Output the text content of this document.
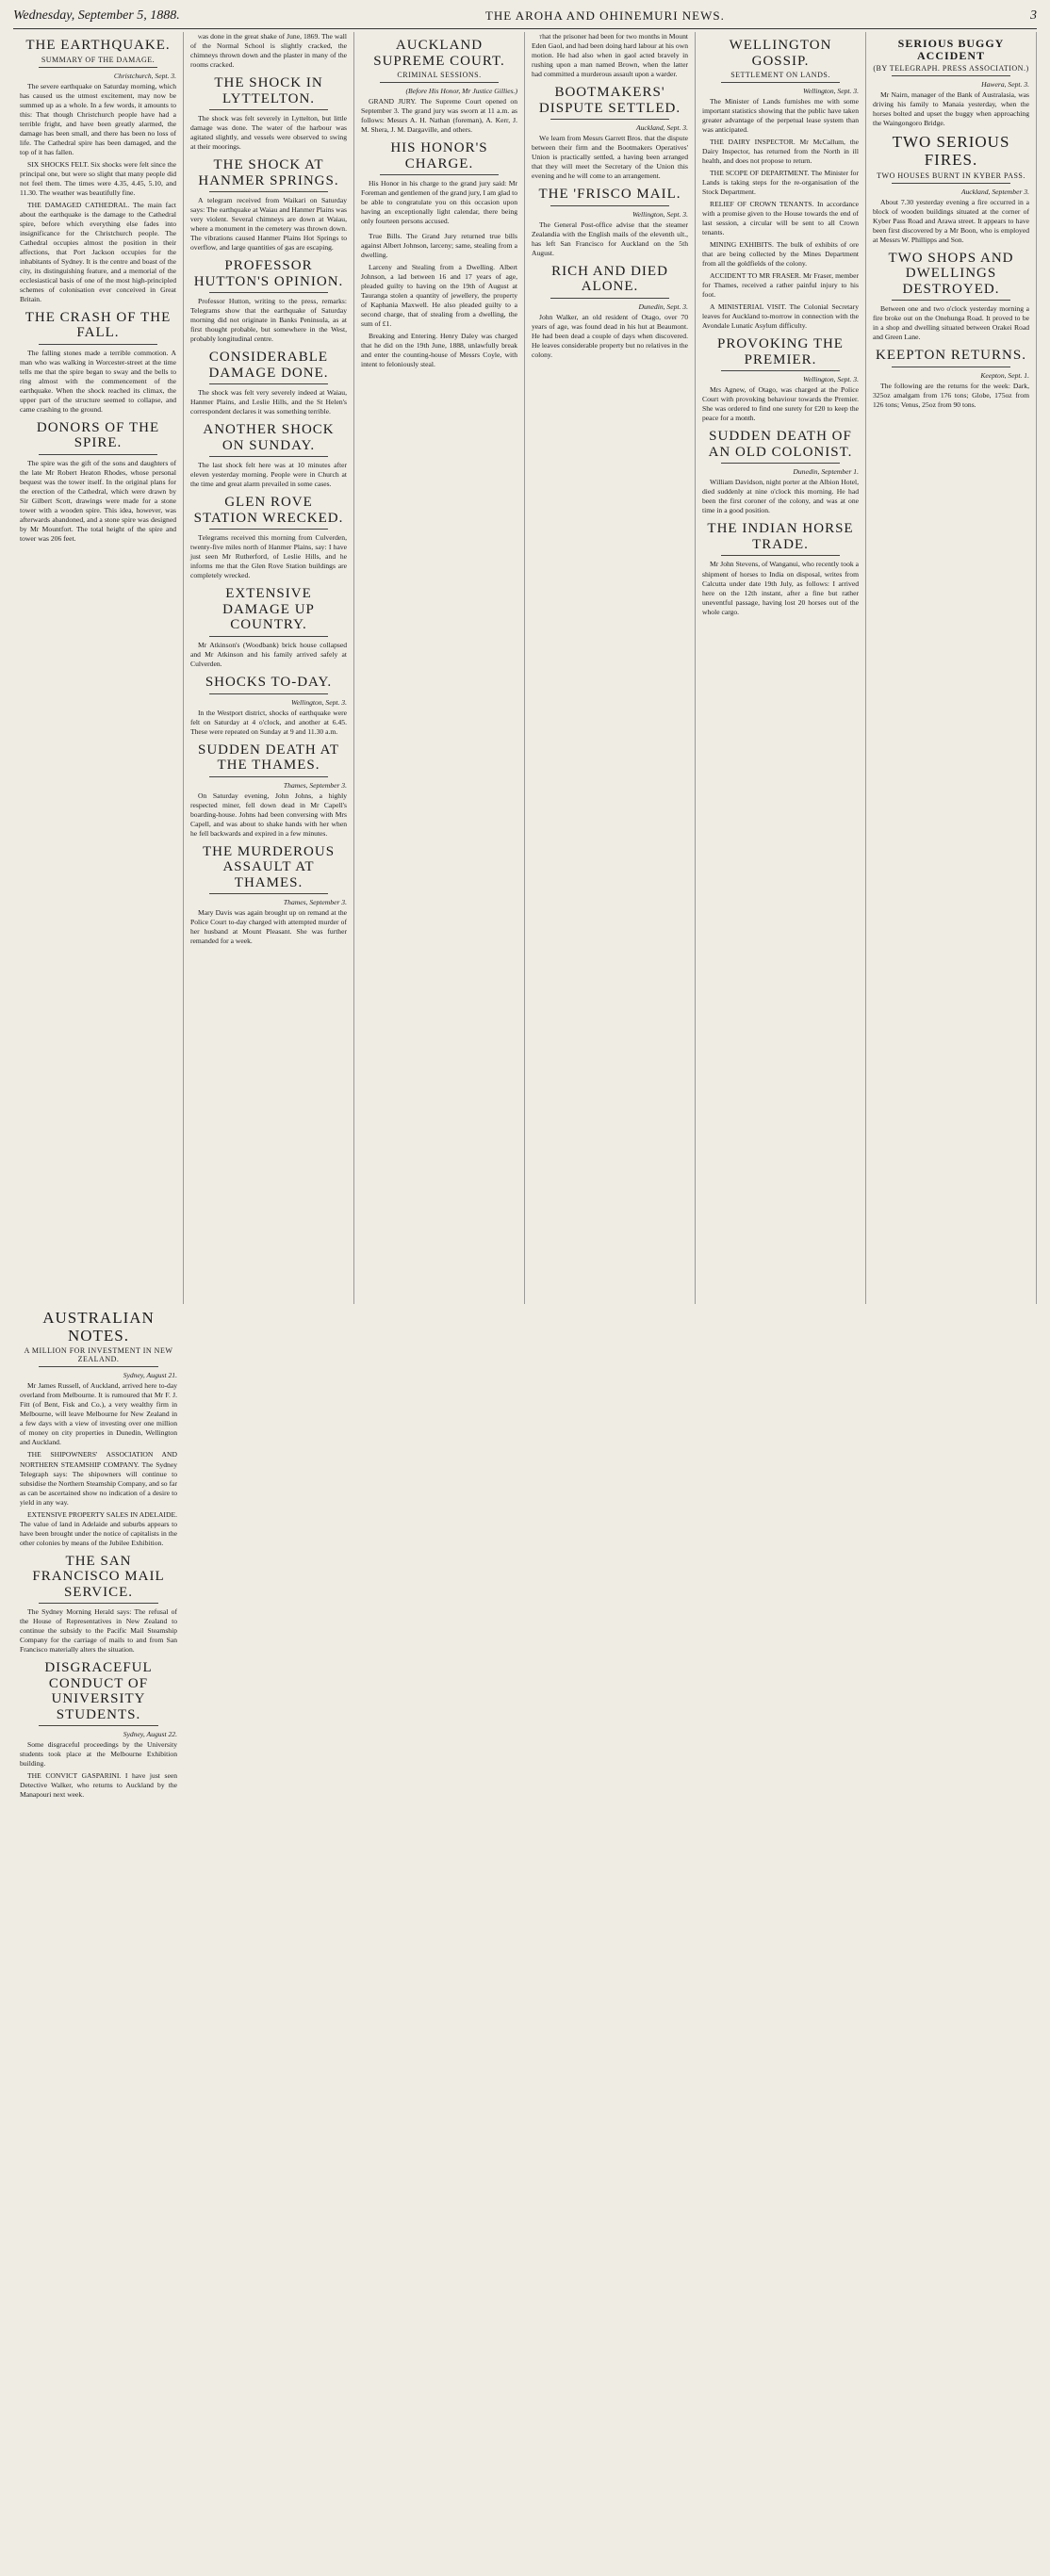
Wednesday, September 5, 1888.	THE AROHA AND OHINEMURI NEWS.	3
THE EARTHQUAKE.
SUMMARY OF THE DAMAGE.
Christchurch, Sept. 3.

The severe earthquake on Saturday morning, which has caused us the utmost excitement, may now be summed up as a whole. In a few words, it amounts to this: That though Christchurch people have had a terrible fright, and have been greatly alarmed, the damage has been small, and there has been no loss of life. The Cathedral spire has been damaged, and the top of it has fallen.

SIX SHOCKS FELT. Six shocks were felt since the principal one, but were so slight that many people did not feel them. The times were 4.35, 4.45, 5.10, and 11.30. The weather was beautifully fine.

THE DAMAGED CATHEDRAL. The main fact about the earthquake is the damage to the Cathedral spire, before which everything else fades into insignificance for the Christchurch people. The Cathedral occupies almost the position in their affections, that Port Jackson occupies for the inhabitants of Sydney. It is the centre and boast of the city, its distinguishing feature, and a memorial of the ecclesiastical basis of one of the most high-principled schemes of colonisation ever conceived in Great Britain.

THE CRASH OF THE FALL.

The falling stones made a terrible commotion. A man who was walking in Worcester-street at the time tells me that the spire began to sway and the bells to ring almost with the commencement of the earthquake. When the shock reached its climax, the upper part of the structure seemed to collapse, and came crashing to the ground.

DONORS OF THE SPIRE.

The spire was the gift of the sons and daughters of the late Mr Robert Heaton Rhodes, whose personal bequest was the tower itself. In the original plans for the erection of the Cathedral, which were drawn by Sir Gilbert Scott, drawings were made for a stone tower with a wooden spire. This idea, however, was afterwards abandoned, and a stone spire was designed by Mr Mountfort. The total height of the spire and tower was 206 feet.

was done in the great shake of June, 1869. The wall of the Normal School is slightly cracked, the chimneys thrown down and the plaster in many of the rooms cracked.

THE SHOCK IN LYTTELTON.

The shock was felt severely in Lyttelton, but little damage was done. The water of the harbour was agitated slightly, and vessels were observed to swing at their moorings.

THE SHOCK AT HANMER SPRINGS.

A telegram received from Waikari on Saturday says: The earthquake at Waiau and Hanmer Plains was very violent. Several chimneys are down at Waiau, where a monument in the cemetery was thrown down. The vibrations caused Hanmer Plains Hot Springs to overflow, and large quantities of gas are escaping.

PROFESSOR HUTTON'S OPINION.

Professor Hutton, writing to the press, remarks: Telegrams show that the earthquake of Saturday morning did not originate in Banks Peninsula, as at first thought probable, but somewhere in the West, probably longitudinal centre.

CONSIDERABLE DAMAGE DONE.

The shock was felt very severely indeed at Waiau, Hanmer Plains, and Leslie Hills, and the St Helen's correspondent declares it was something terrible.

ANOTHER SHOCK ON SUNDAY.

The last shock felt here was at 10 minutes after eleven yesterday morning. People were in Church at the time and great alarm prevailed in some cases.

GLEN ROVE STATION WRECKED.

Telegrams received this morning from Culverden, twenty-five miles north of Hanmer Plains, say: I have just seen Mr Rutherford, of Leslie Hills, and he informs me that the Glen Rove Station buildings are completely wrecked.

EXTENSIVE DAMAGE UP COUNTRY.

Mr Atkinson's (Woodbank) brick house collapsed and Mr Atkinson and his family arrived safely at Culverden.

SHOCKS TO-DAY.
Wellington, Sept. 3.

In the Westport district, shocks of earthquake were felt on Saturday at 4 o'clock, and another at 6.45. These were repeated on Sunday at 9 and 11.30 a.m.

SUDDEN DEATH AT THE THAMES.
Thames, September 3.

On Saturday evening, John Johns, a highly respected miner, fell down dead in Mr Capell's boarding-house. Johns had been conversing with Mrs Capell, and was about to shake hands with her when he fell backwards and expired in a few minutes.

THE MURDEROUS ASSAULT AT THAMES.
Thames, September 3.

Mary Davis was again brought up on remand at the Police Court to-day charged with attempted murder of her husband at Mount Pleasant. She was further remanded for a week.

AUCKLAND SUPREME COURT.
CRIMINAL SESSIONS.
(Before His Honor, Mr Justice Gillies.)

GRAND JURY. The Supreme Court opened on September 3. The grand jury was sworn at 11 a.m. as follows: Messrs A. H. Nathan (foreman), A. Kerr, J. M. Shera, J. M. Dargaville, and others.

HIS HONOR'S CHARGE.

His Honor in his charge to the grand jury said: Mr Foreman and gentlemen of the grand jury, I am glad to be able to congratulate you on this occasion upon having an exceptionally light calendar, there being only fourteen persons accused.

True Bills. The Grand Jury returned true bills against Albert Johnson, larceny; same, stealing from a dwelling.

Larceny and Stealing from a Dwelling. Albert Johnson, a lad between 16 and 17 years of age, pleaded guilty to having on the 19th of August at Tauranga stolen a quantity of jewellery, the property of Kaphania Maxwell. He also pleaded guilty to a second charge, that of stealing from a dwelling, the sum of £1.

Breaking and Entering. Henry Daley was charged that he did on the 19th June, 1888, unlawfully break and enter the counting-house of Messrs Coyle, with intent to feloniously steal.

that the prisoner had been for two months in Mount Eden Gaol, and had been doing hard labour at his own motion. He had also when in gaol acted bravely in rushing upon a man named Brown, when the latter had committed a murderous assault upon a warder.

BOOTMAKERS' DISPUTE SETTLED.
Auckland, Sept. 3.

We learn from Messrs Garrett Bros. that the dispute between their firm and the Bootmakers Operatives' Union is practically settled, a having been arranged that they will meet the Secretary of the Union this evening and he will come to an arrangement.

THE 'FRISCO MAIL.
Wellington, Sept. 3.

The General Post-office advise that the steamer Zealandia with the English mails of the eleventh ult., has left San Francisco for Auckland on the 5th August.

RICH AND DIED ALONE.
Dunedin, Sept. 3.

John Walker, an old resident of Otago, over 70 years of age, was found dead in his hut at Beaumont. He had been dead a couple of days when discovered. He leaves considerable property but no relatives in the colony.

WELLINGTON GOSSIP.
SETTLEMENT ON LANDS.
Wellington, Sept. 3.

The Minister of Lands furnishes me with some important statistics showing that the public have taken greater advantage of the perpetual lease system than was anticipated.

THE DAIRY INSPECTOR. Mr McCallum, the Dairy Inspector, has returned from the North in ill health, and does not propose to return.

THE SCOPE OF DEPARTMENT. The Minister for Lands is taking steps for the re-organisation of the Stock Department.

RELIEF OF CROWN TENANTS. In accordance with a promise given to the House towards the end of last session, a circular will be sent to all Crown tenants.

MINING EXHIBITS. The bulk of exhibits of ore that are being collected by the Mines Department from all the goldfields of the colony.

ACCIDENT TO MR FRASER. Mr Fraser, member for Thames, received a rather painful injury to his foot.

A MINISTERIAL VISIT. The Colonial Secretary leaves for Auckland to-morrow in connection with the Avondale Lunatic Asylum difficulty.

PROVOKING THE PREMIER.
Wellington, Sept. 3.

Mrs Agnew, of Otago, was charged at the Police Court with provoking behaviour towards the Premier. She was ordered to find one surety for £20 to keep the peace for a month.

SUDDEN DEATH OF AN OLD COLONIST.
Dunedin, September 1.

William Davidson, night porter at the Albion Hotel, died suddenly at nine o'clock this morning. He had been the first coroner of the colony, and was at one time in a good position.

THE INDIAN HORSE TRADE.

Mr John Stevens, of Wanganui, who recently took a shipment of horses to India on disposal, writes from Calcutta under date 19th July, as follows: I arrived here on the 12th instant, after a fine but rather uneventful passage, having lost 20 horses out of the whole cargo.

SERIOUS BUGGY ACCIDENT
(BY TELEGRAPH. PRESS ASSOCIATION.)
Hawera, Sept. 3.

Mr Nairn, manager of the Bank of Australasia, was driving his family to Manaia yesterday, when the horses bolted and upset the buggy when approaching the Waingongoro Bridge.

TWO SERIOUS FIRES.
TWO HOUSES BURNT IN KYBER PASS.
Auckland, September 3.

About 7.30 yesterday evening a fire occurred in a block of wooden buildings situated at the corner of Kyber Pass Road and Arawa street. It appears to have been first discovered by a Mr Boon, who is employed at Messrs W. Phillipps and Son.

TWO SHOPS AND DWELLINGS DESTROYED.

Between one and two o'clock yesterday morning a fire broke out on the Onehunga Road. It proved to be in a shop and dwelling situated between Orakei Road and Green Lane.

KEEPTON RETURNS.
Keepton, Sept. 1.

The following are the returns for the week: Dark, 325oz amalgam from 176 tons; Globe, 175oz from 126 tons; Venus, 25oz from 90 tons.

AUSTRALIAN NOTES.
A MILLION FOR INVESTMENT IN NEW ZEALAND.
Sydney, August 21.

Mr James Russell, of Auckland, arrived here to-day overland from Melbourne. It is rumoured that Mr F. J. Fitt (of Bent, Fisk and Co.), a very wealthy firm in Melbourne, will leave Melbourne for New Zealand in a few days with a view of investing over one million of money on city properties in Dunedin, Wellington and Auckland.

THE SHIPOWNERS' ASSOCIATION AND NORTHERN STEAMSHIP COMPANY. The Sydney Telegraph says: The shipowners will continue to subsidise the Northern Steamship Company, and so far as can be ascertained show no indication of a desire to yield in any way.

EXTENSIVE PROPERTY SALES IN ADELAIDE. The value of land in Adelaide and suburbs appears to have been brought under the notice of capitalists in the other colonies by means of the Jubilee Exhibition.

THE SAN FRANCISCO MAIL SERVICE.

The Sydney Morning Herald says: The refusal of the House of Representatives in New Zealand to continue the subsidy to the Pacific Mail Steamship Company for the carriage of mails to and from San Francisco materially alters the situation.

DISGRACEFUL CONDUCT OF UNIVERSITY STUDENTS.
Sydney, August 22.

Some disgraceful proceedings by the University students took place at the Melbourne Exhibition building.

THE CONVICT GASPARINI. I have just seen Detective Walker, who returns to Auckland by the Manapouri next week.
